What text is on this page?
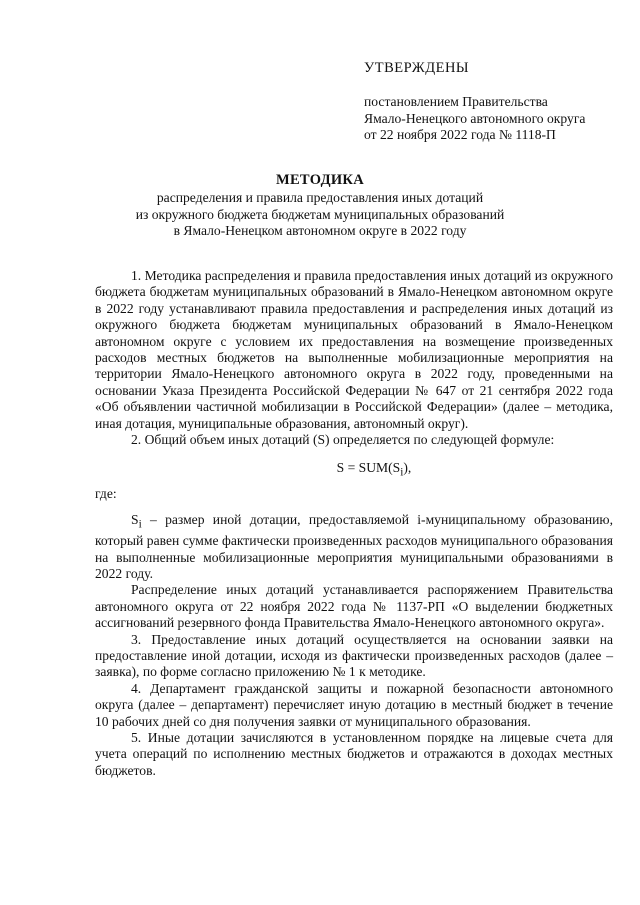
УТВЕРЖДЕНЫ
постановлением Правительства
Ямало-Ненецкого автономного округа
от 22 ноября 2022 года № 1118-П
МЕТОДИКА
распределения и правила предоставления иных дотаций
из окружного бюджета бюджетам муниципальных образований
в Ямало-Ненецком автономном округе в 2022 году

1. Методика распределения и правила предоставления иных дотаций из окружного бюджета бюджетам муниципальных образований в Ямало-Ненецком автономном округе в 2022 году устанавливают правила предоставления и распределения иных дотаций из окружного бюджета бюджетам муниципальных образований в Ямало-Ненецком автономном округе с условием их предоставления на возмещение произведенных расходов местных бюджетов на выполненные мобилизационные мероприятия на территории Ямало-Ненецкого автономного округа в 2022 году, проведенными на основании Указа Президента Российской Федерации № 647 от 21 сентября 2022 года «Об объявлении частичной мобилизации в Российской Федерации» (далее – методика, иная дотация, муниципальные образования, автономный округ).

2. Общий объем иных дотаций (S) определяется по следующей формуле:

$S = SUM(S_i)$,

где:

$S_i$ – размер иной дотации, предоставляемой i-муниципальному образованию, который равен сумме фактически произведенных расходов муниципального образования на выполненные мобилизационные мероприятия муниципальными образованиями в 2022 году.

Распределение иных дотаций устанавливается распоряжением Правительства автономного округа от 22 ноября 2022 года № 1137-РП «О выделении бюджетных ассигнований резервного фонда Правительства Ямало-Ненецкого автономного округа».

3. Предоставление иных дотаций осуществляется на основании заявки на предоставление иной дотации, исходя из фактически произведенных расходов (далее – заявка), по форме согласно приложению № 1 к методике.

4. Департамент гражданской защиты и пожарной безопасности автономного округа (далее – департамент) перечисляет иную дотацию в местный бюджет в течение 10 рабочих дней со дня получения заявки от муниципального образования.

5. Иные дотации зачисляются в установленном порядке на лицевые счета для учета операций по исполнению местных бюджетов и отражаются в доходах местных бюджетов.
